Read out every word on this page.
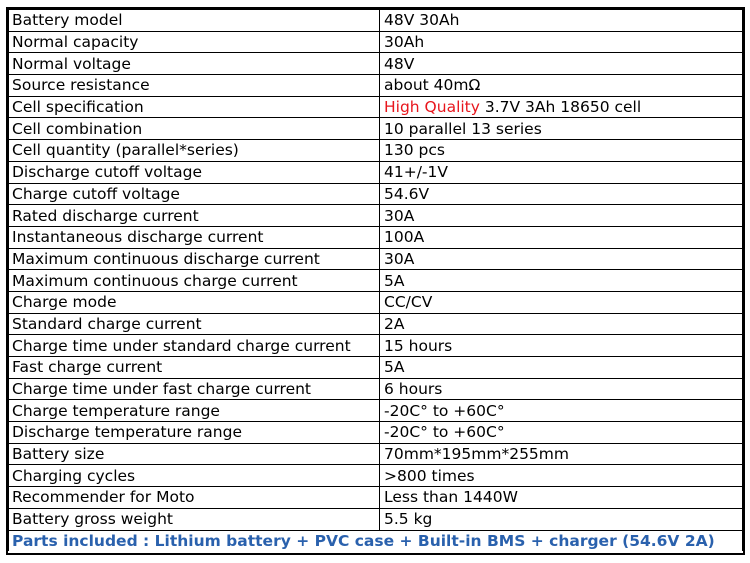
Battery model	48V 30Ah
Normal capacity	30Ah
Normal voltage	48V
Source resistance	about 40mΩ
Cell specification	High Quality 3.7V 3Ah 18650 cell
Cell combination	10 parallel 13 series
Cell quantity (parallel*series)	130 pcs
Discharge cutoff voltage	41+/-1V
Charge cutoff voltage	54.6V
Rated discharge current	30A
Instantaneous discharge current	100A
Maximum continuous discharge current	30A
Maximum continuous charge current	5A
Charge mode	CC/CV
Standard charge current	2A
Charge time under standard charge current	15 hours
Fast charge current	5A
Charge time under fast charge current	6 hours
Charge temperature range	-20C° to +60C°
Discharge temperature range	-20C° to +60C°
Battery size	70mm*195mm*255mm
Charging cycles	>800 times
Recommender for Moto	Less than 1440W
Battery gross weight	5.5 kg
Parts included : Lithium battery + PVC case + Built-in BMS + charger (54.6V 2A)	
